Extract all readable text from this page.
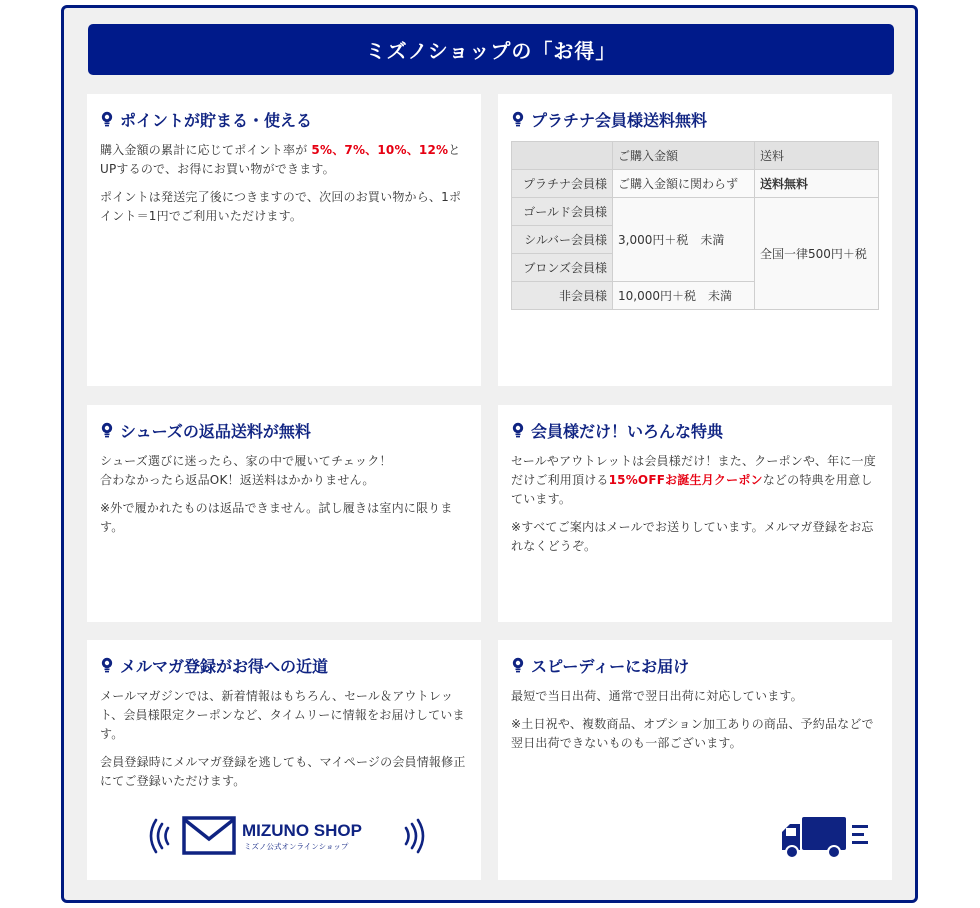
ミズノショップの「お得」
ポイントが貯まる・使える

購入金額の累計に応じてポイント率が 5%、7%、10%、12%とUPするので、お得にお買い物ができます。

ポイントは発送完了後につきますので、次回のお買い物から、1ポイント＝1円でご利用いただけます。

プラチナ会員様送料無料
	ご購入金額	送料
プラチナ会員様	ご購入金額に関わらず	送料無料
ゴールド会員様	3,000円＋税　未満	全国一律500円＋税
シルバー会員様		
ブロンズ会員様		
非会員様	10,000円＋税　未満	
シューズの返品送料が無料

シューズ選びに迷ったら、家の中で履いてチェック！
合わなかったら返品OK！返送料はかかりません。

※外で履かれたものは返品できません。試し履きは室内に限ります。

会員様だけ！いろんな特典

セールやアウトレットは会員様だけ！また、クーポンや、年に一度だけご利用頂ける15%OFFお誕生月クーポンなどの特典を用意しています。

※すべてご案内はメールでお送りしています。メルマガ登録をお忘れなくどうぞ。

メルマガ登録がお得への近道

メールマガジンでは、新着情報はもちろん、セール＆アウトレット、会員様限定クーポンなど、タイムリーに情報をお届けしています。

会員登録時にメルマガ登録を逃しても、マイページの会員情報修正にてご登録いただけます。

MIZUNO SHOP
ミズノ公式オンラインショップ
スピーディーにお届け

最短で当日出荷、通常で翌日出荷に対応しています。

※土日祝や、複数商品、オプション加工ありの商品、予約品などで翌日出荷できないものも一部ございます。
